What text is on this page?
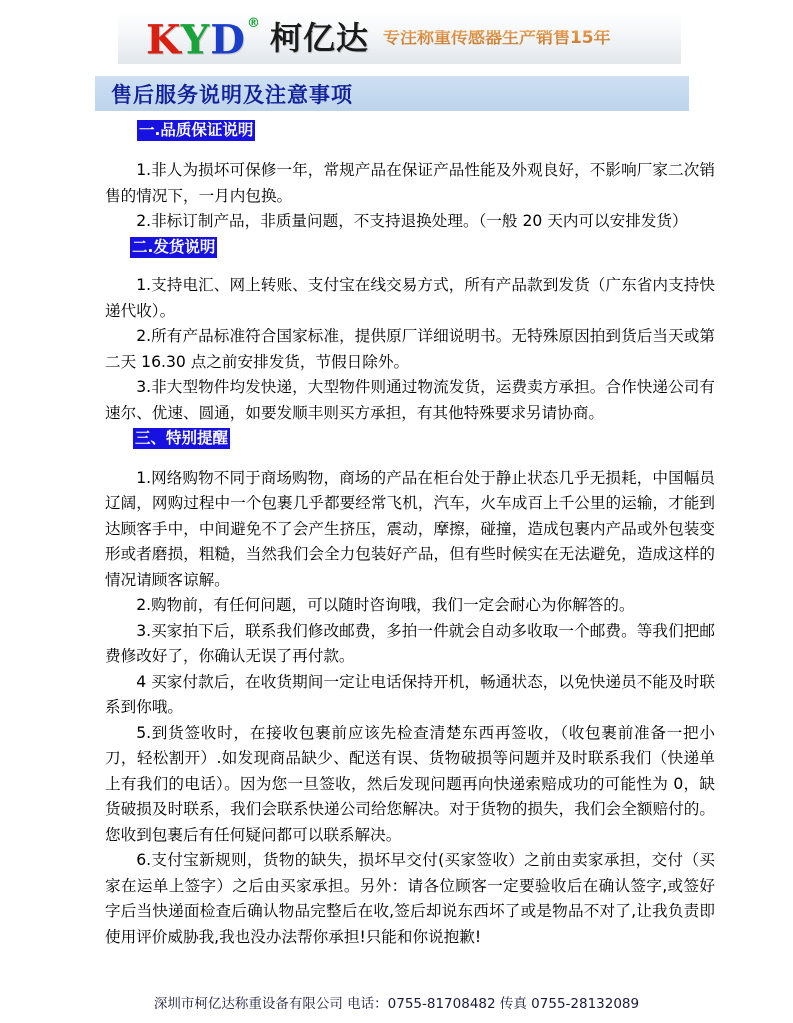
KYD® 柯亿达 专注称重传感器生产销售15年
售后服务说明及注意事项
一.品质保证说明

1.非人为损坏可保修一年，常规产品在保证产品性能及外观良好，不影响厂家二次销售的情况下，一月内包换。

2.非标订制产品，非质量问题，不支持退换处理。（一般 20 天内可以安排发货）

二.发货说明

1.支持电汇、网上转账、支付宝在线交易方式，所有产品款到发货（广东省内支持快递代收）。

2.所有产品标准符合国家标准，提供原厂详细说明书。无特殊原因拍到货后当天或第二天 16.30 点之前安排发货，节假日除外。

3.非大型物件均发快递，大型物件则通过物流发货，运费卖方承担。合作快递公司有速尔、优速、圆通，如要发顺丰则买方承担，有其他特殊要求另请协商。

三、特别提醒

1.网络购物不同于商场购物，商场的产品在柜台处于静止状态几乎无损耗，中国幅员辽阔，网购过程中一个包裹几乎都要经常飞机，汽车，火车成百上千公里的运输，才能到达顾客手中，中间避免不了会产生挤压，震动，摩擦，碰撞，造成包裹内产品或外包装变形或者磨损，粗糙，当然我们会全力包装好产品，但有些时候实在无法避免，造成这样的情况请顾客谅解。

2.购物前，有任何问题，可以随时咨询哦，我们一定会耐心为你解答的。

3.买家拍下后，联系我们修改邮费，多拍一件就会自动多收取一个邮费。等我们把邮费修改好了，你确认无误了再付款。

4 买家付款后，在收货期间一定让电话保持开机，畅通状态，以免快递员不能及时联系到你哦。

5.到货签收时，在接收包裹前应该先检查清楚东西再签收，（收包裹前准备一把小刀，轻松割开）.如发现商品缺少、配送有误、货物破损等问题并及时联系我们（快递单上有我们的电话）。因为您一旦签收，然后发现问题再向快递索赔成功的可能性为 0，缺货破损及时联系，我们会联系快递公司给您解决。对于货物的损失，我们会全额赔付的。您收到包裹后有任何疑问都可以联系解决。

6.支付宝新规则，货物的缺失，损坏早交付(买家签收）之前由卖家承担，交付（买家在运单上签字）之后由买家承担。另外：请各位顾客一定要验收后在确认签字,或签好字后当快递面检查后确认物品完整后在收,签后却说东西坏了或是物品不对了,让我负责即使用评价威胁我,我也没办法帮你承担!只能和你说抱歉!

深圳市柯亿达称重设备有限公司 电话：0755-81708482 传真 0755-28132089
